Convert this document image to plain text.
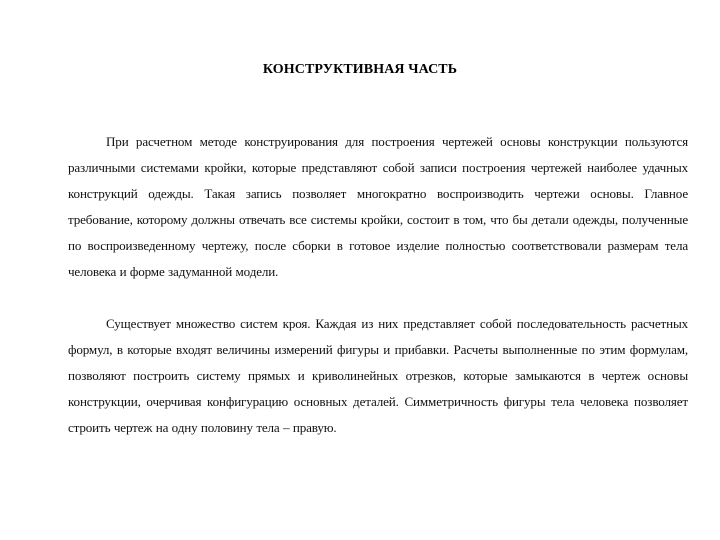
КОНСТРУКТИВНАЯ ЧАСТЬ

При расчетном методе конструирования для построения чертежей основы конструкции пользуются различными системами кройки, которые представляют собой записи построения чертежей наиболее удачных конструкций одежды. Такая запись позволяет многократно воспроизводить чертежи основы. Главное требование, которому должны отвечать все системы кройки, состоит в том, что бы детали одежды, полученные по воспроизведенному чертежу, после сборки в готовое изделие полностью соответствовали размерам тела человека и форме задуманной модели.

Существует множество систем кроя. Каждая из них представляет собой последовательность расчетных формул, в которые входят величины измерений фигуры и прибавки. Расчеты выполненные по этим формулам, позволяют построить систему прямых и криволинейных отрезков, которые замыкаются в чертеж основы конструкции, очерчивая конфигурацию основных деталей. Симметричность фигуры тела человека позволяет строить чертеж на одну половину тела – правую.
